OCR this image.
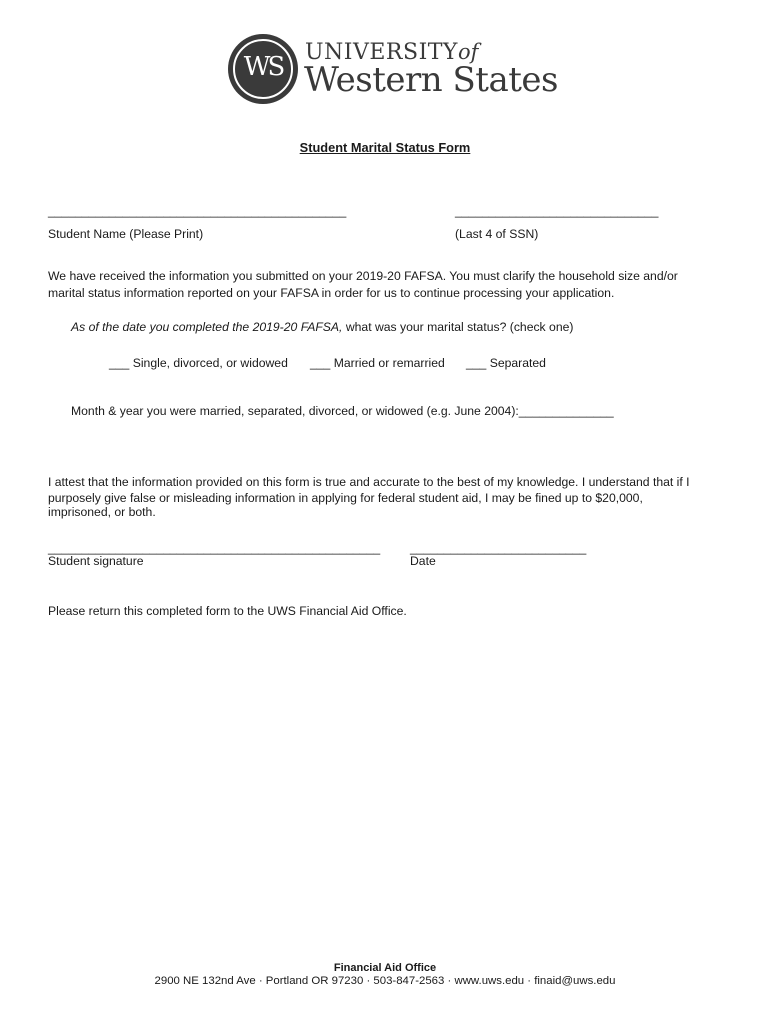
WS	UNIVERSITYof
Western States
Student Marital Status Form
____________________________________________	______________________________
Student Name (Please Print)	(Last 4 of SSN)
We have received the information you submitted on your 2019-20 FAFSA. You must clarify the household size and/or
marital status information reported on your FAFSA in order for us to continue processing your application.
As of the date you completed the 2019-20 FAFSA, what was your marital status? (check one)
___ Single, divorced, or widowed ___ Married or remarried ___ Separated
Month & year you were married, separated, divorced, or widowed (e.g. June 2004):______________
I attest that the information provided on this form is true and accurate to the best of my knowledge. I understand that if I
purposely give false or misleading information in applying for federal student aid, I may be fined up to $20,000,
imprisoned, or both.
_________________________________________________ __________________________
Student signature	Date
Please return this completed form to the UWS Financial Aid Office.
Financial Aid Office
2900 NE 132nd Ave · Portland OR 97230 · 503-847-2563 · www.uws.edu · finaid@uws.edu
